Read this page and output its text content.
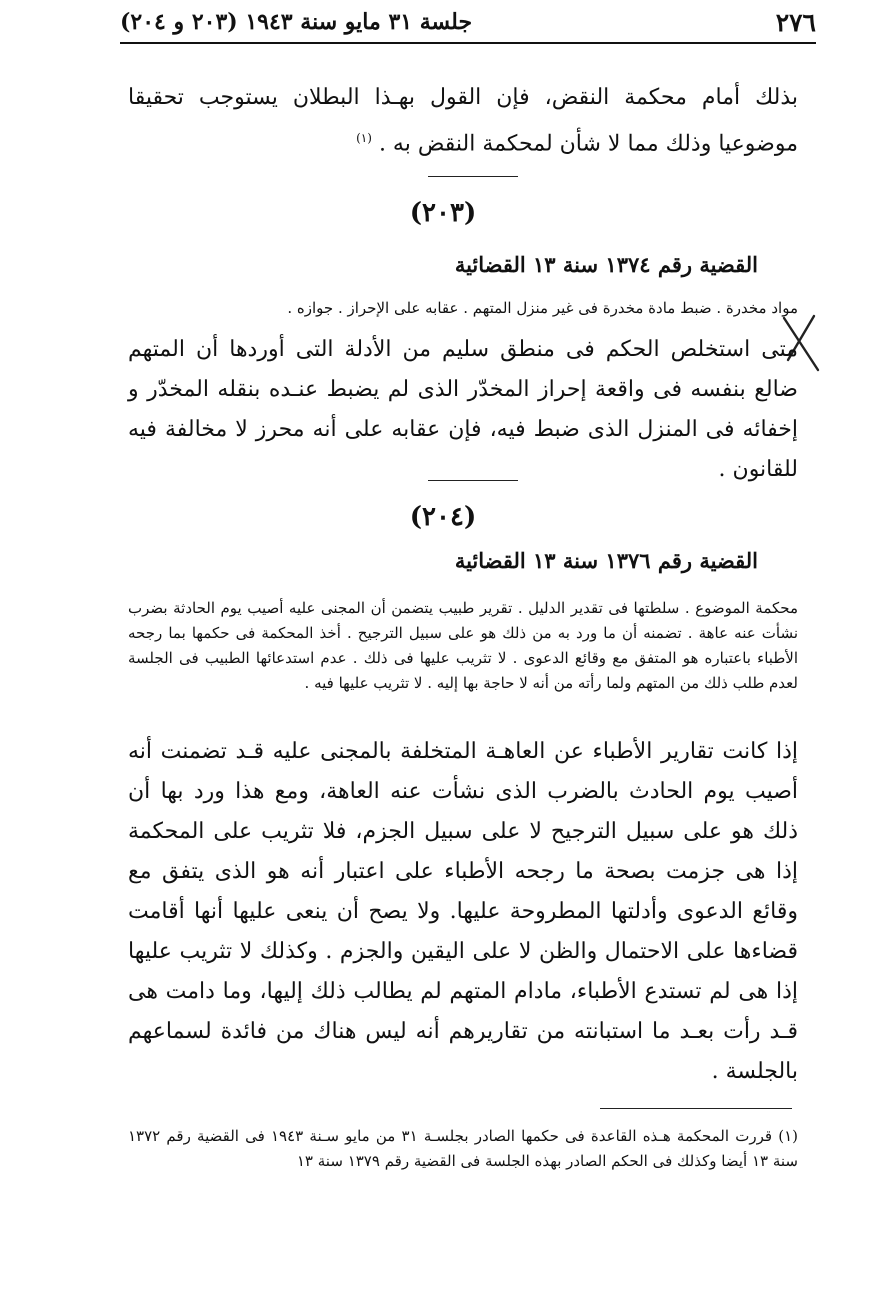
٢٧٦
جلسة ٣١ مايو سنة ١٩٤٣ (٢٠٣ و ٢٠٤)
بذلك أمام محكمة النقض، فإن القول بهـذا البطلان يستوجب تحقيقا موضوعيا وذلك مما لا شأن لمحكمة النقض به . $^{(١)}$
(٢٠٣)
القضية رقم ١٣٧٤ سنة ١٣ القضائية
مواد مخدرة . ضبط مادة مخدرة فى غير منزل المتهم . عقابه على الإحراز . جوازه .
متى استخلص الحكم فى منطق سليم من الأدلة التى أوردها أن المتهم ضالع بنفسه فى واقعة إحراز المخدّر الذى لم يضبط عنـده بنقله المخدّر و إخفائه فى المنزل الذى ضبط فيه، فإن عقابه على أنه محرز لا مخالفة فيه للقانون .
(٢٠٤)
القضية رقم ١٣٧٦ سنة ١٣ القضائية
محكمة الموضوع . سلطتها فى تقدير الدليل . تقرير طبيب يتضمن أن المجنى عليه أصيب يوم الحادثة بضرب نشأت عنه عاهة . تضمنه أن ما ورد به من ذلك هو على سبيل الترجيح . أخذ المحكمة فى حكمها بما رجحه الأطباء باعتباره هو المتفق مع وقائع الدعوى . لا تثريب عليها فى ذلك . عدم استدعائها الطبيب فى الجلسة لعدم طلب ذلك من المتهم ولما رأته من أنه لا حاجة بها إليه . لا تثريب عليها فيه .
إذا كانت تقارير الأطباء عن العاهـة المتخلفة بالمجنى عليه قـد تضمنت أنه أصيب يوم الحادث بالضرب الذى نشأت عنه العاهة، ومع هذا ورد بها أن ذلك هو على سبيل الترجيح لا على سبيل الجزم، فلا تثريب على المحكمة إذا هى جزمت بصحة ما رجحه الأطباء على اعتبار أنه هو الذى يتفق مع وقائع الدعوى وأدلتها المطروحة عليها. ولا يصح أن ينعى عليها أنها أقامت قضاءها على الاحتمال والظن لا على اليقين والجزم . وكذلك لا تثريب عليها إذا هى لم تستدع الأطباء، مادام المتهم لم يطالب ذلك إليها، وما دامت هى قـد رأت بعـد ما استبانته من تقاريرهم أنه ليس هناك من فائدة لسماعهم بالجلسة .
(١) قررت المحكمة هـذه القاعدة فى حكمها الصادر بجلسـة ٣١ من مايو سـنة ١٩٤٣ فى القضية رقم ١٣٧٢ سنة ١٣ أيضا وكذلك فى الحكم الصادر بهذه الجلسة فى القضية رقم ١٣٧٩ سنة ١٣
